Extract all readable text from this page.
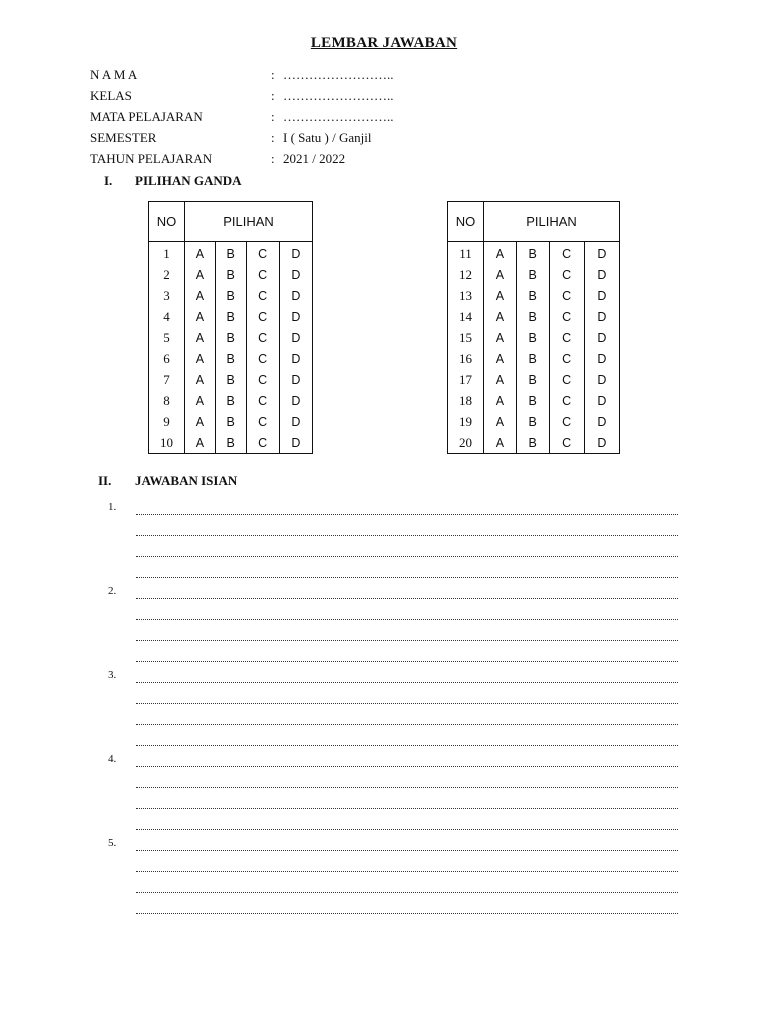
LEMBAR JAWABAN
N A M A	: ……………………..
KELAS	: ……………………..
MATA PELAJARAN	: ……………………..
SEMESTER	: I ( Satu ) / Ganjil
TAHUN PELAJARAN	: 2021 / 2022
I. PILIHAN GANDA
NO	PILIHAN			
1	A	B	C	D
2	A	B	C	D
3	A	B	C	D
4	A	B	C	D
5	A	B	C	D
6	A	B	C	D
7	A	B	C	D
8	A	B	C	D
9	A	B	C	D
10	A	B	C	D
NO	PILIHAN			
11	A	B	C	D
12	A	B	C	D
13	A	B	C	D
14	A	B	C	D
15	A	B	C	D
16	A	B	C	D
17	A	B	C	D
18	A	B	C	D
19	A	B	C	D
20	A	B	C	D
II. JAWABAN ISIAN
1.
2.
3.
4.
5.
